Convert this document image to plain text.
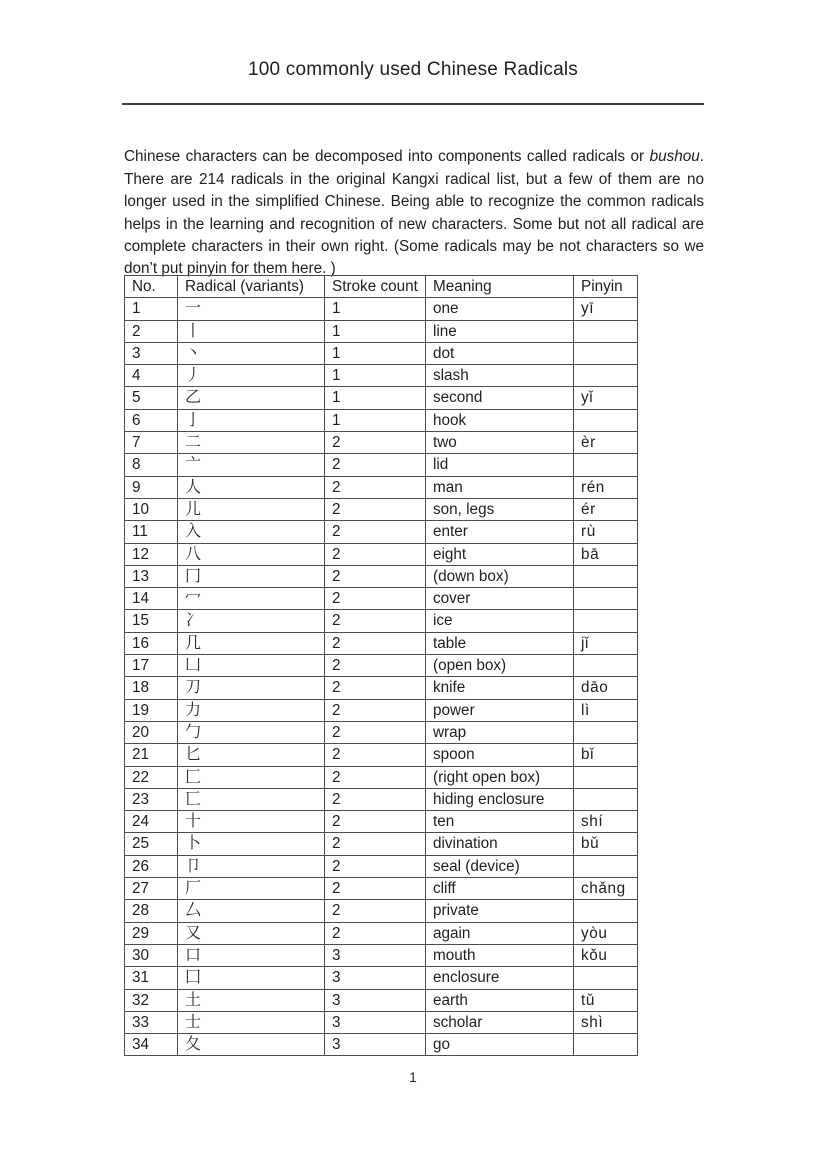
100 commonly used Chinese Radicals

Chinese characters can be decomposed into components called radicals or bushou. There are 214 radicals in the original Kangxi radical list, but a few of them are no longer used in the simplified Chinese. Being able to recognize the common radicals helps in the learning and recognition of new characters. Some but not all radical are complete characters in their own right. (Some radicals may be not characters so we don’t put pinyin for them here. )

No.	Radical (variants)	Stroke count	Meaning	Pinyin
1	一	1	one	yī
2	丨	1	line	
3	丶	1	dot	
4	丿	1	slash	
5	乙	1	second	yǐ
6	亅	1	hook	
7	二	2	two	èr
8	亠	2	lid	
9	人	2	man	rén
10	儿	2	son, legs	ér
11	入	2	enter	rù
12	八	2	eight	bā
13	冂	2	(down box)	
14	冖	2	cover	
15	冫	2	ice	
16	几	2	table	jǐ
17	凵	2	(open box)	
18	刀	2	knife	dāo
19	力	2	power	lì
20	勹	2	wrap	
21	匕	2	spoon	bǐ
22	匚	2	(right open box)	
23	匸	2	hiding enclosure	
24	十	2	ten	shí
25	卜	2	divination	bǔ
26	卩	2	seal (device)	
27	厂	2	cliff	chǎng
28	厶	2	private	
29	又	2	again	yòu
30	口	3	mouth	kǒu
31	囗	3	enclosure	
32	土	3	earth	tǔ
33	士	3	scholar	shì
34	夂	3	go	
1
